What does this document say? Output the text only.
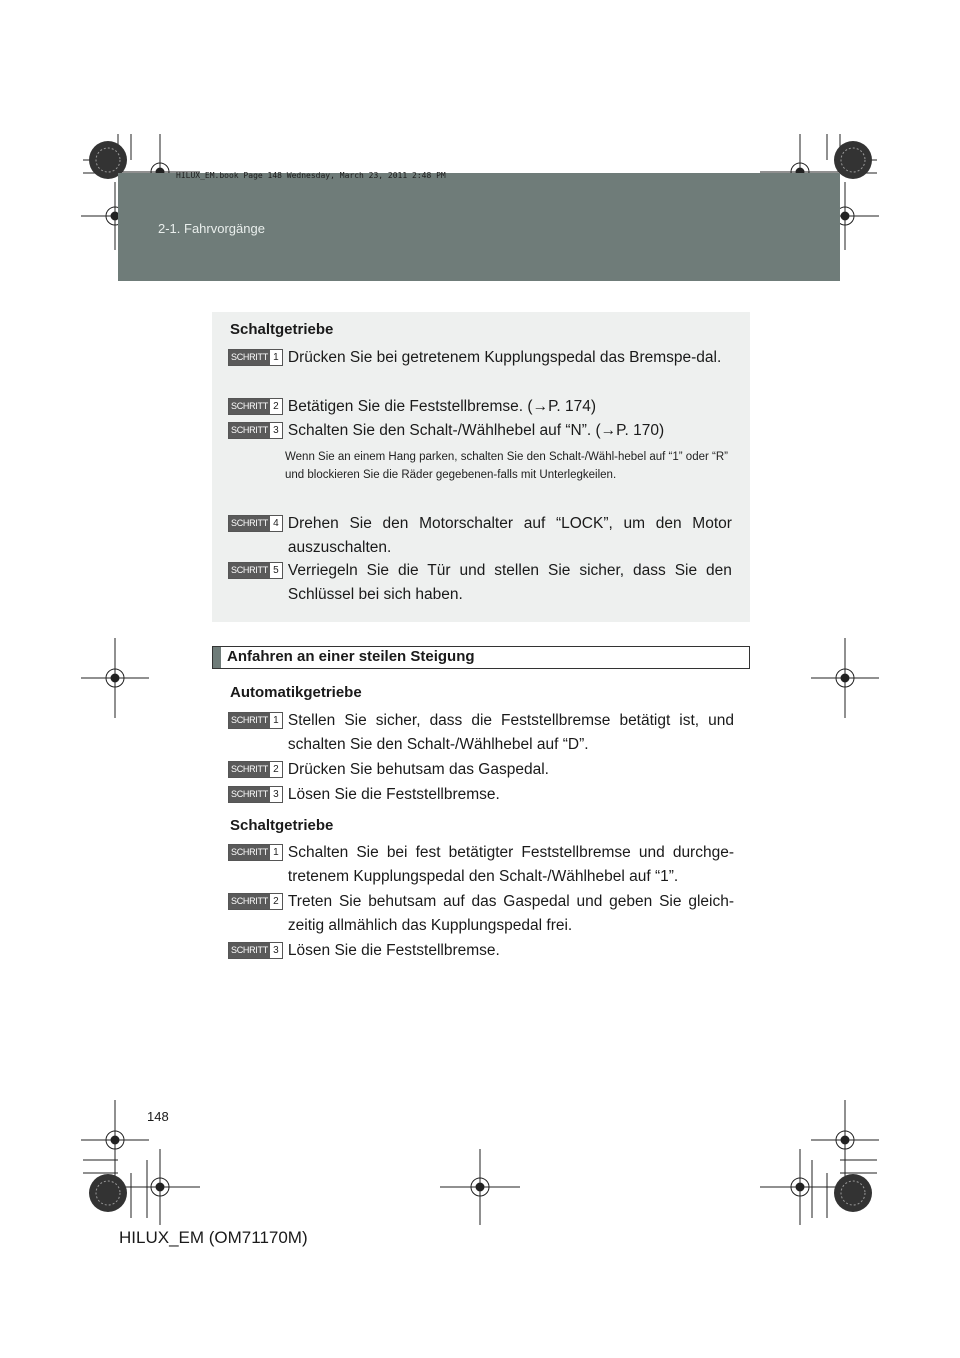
2-1. Fahrvorgänge
HILUX_EM.book Page 148 Wednesday, March 23, 2011 2:48 PM
Schaltgetriebe
SCHRITT 1 Drücken Sie bei getretenem Kupplungspedal das Bremspe-dal.
SCHRITT 2 Betätigen Sie die Feststellbremse. (→P. 174)
SCHRITT 3 Schalten Sie den Schalt-/Wählhebel auf “N”. (→P. 170)
Wenn Sie an einem Hang parken, schalten Sie den Schalt-/Wähl-hebel auf “1” oder “R” und blockieren Sie die Räder gegebenen-falls mit Unterlegkeilen.
SCHRITT 4 Drehen Sie den Motorschalter auf “LOCK”, um den Motor auszuschalten.
SCHRITT 5 Verriegeln Sie die Tür und stellen Sie sicher, dass Sie den Schlüssel bei sich haben.
Anfahren an einer steilen Steigung
Automatikgetriebe
SCHRITT 1 Stellen Sie sicher, dass die Feststellbremse betätigt ist, und schalten Sie den Schalt-/Wählhebel auf “D”.
SCHRITT 2 Drücken Sie behutsam das Gaspedal.
SCHRITT 3 Lösen Sie die Feststellbremse.
Schaltgetriebe
SCHRITT 1 Schalten Sie bei fest betätigter Feststellbremse und durchge-tretenem Kupplungspedal den Schalt-/Wählhebel auf “1”.
SCHRITT 2 Treten Sie behutsam auf das Gaspedal und geben Sie gleich-zeitig allmählich das Kupplungspedal frei.
SCHRITT 3 Lösen Sie die Feststellbremse.
148
HILUX_EM (OM71170M)
